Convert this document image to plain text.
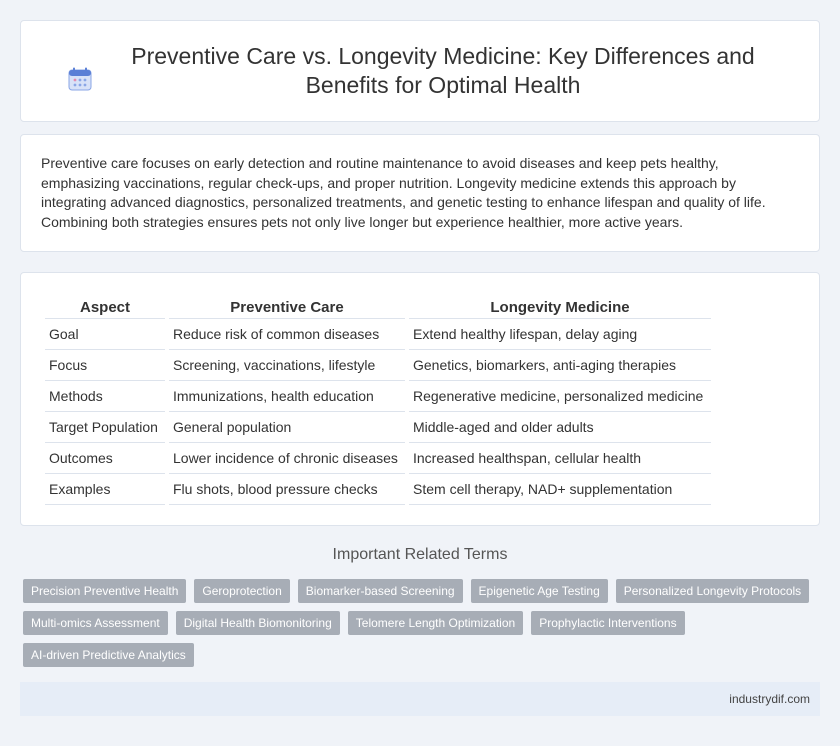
Preventive Care vs. Longevity Medicine: Key Differences and Benefits for Optimal Health

Preventive care focuses on early detection and routine maintenance to avoid diseases and keep pets healthy, emphasizing vaccinations, regular check-ups, and proper nutrition. Longevity medicine extends this approach by integrating advanced diagnostics, personalized treatments, and genetic testing to enhance lifespan and quality of life. Combining both strategies ensures pets not only live longer but experience healthier, more active years.

Aspect	Preventive Care	Longevity Medicine
Goal	Reduce risk of common diseases	Extend healthy lifespan, delay aging
Focus	Screening, vaccinations, lifestyle	Genetics, biomarkers, anti-aging therapies
Methods	Immunizations, health education	Regenerative medicine, personalized medicine
Target Population	General population	Middle-aged and older adults
Outcomes	Lower incidence of chronic diseases	Increased healthspan, cellular health
Examples	Flu shots, blood pressure checks	Stem cell therapy, NAD+ supplementation
Important Related Terms
Precision Preventive Health	Geroprotection	Biomarker-based Screening	Epigenetic Age Testing	Personalized Longevity Protocols
Multi-omics Assessment	Digital Health Biomonitoring	Telomere Length Optimization	Prophylactic Interventions
AI-driven Predictive Analytics
industrydif.com
